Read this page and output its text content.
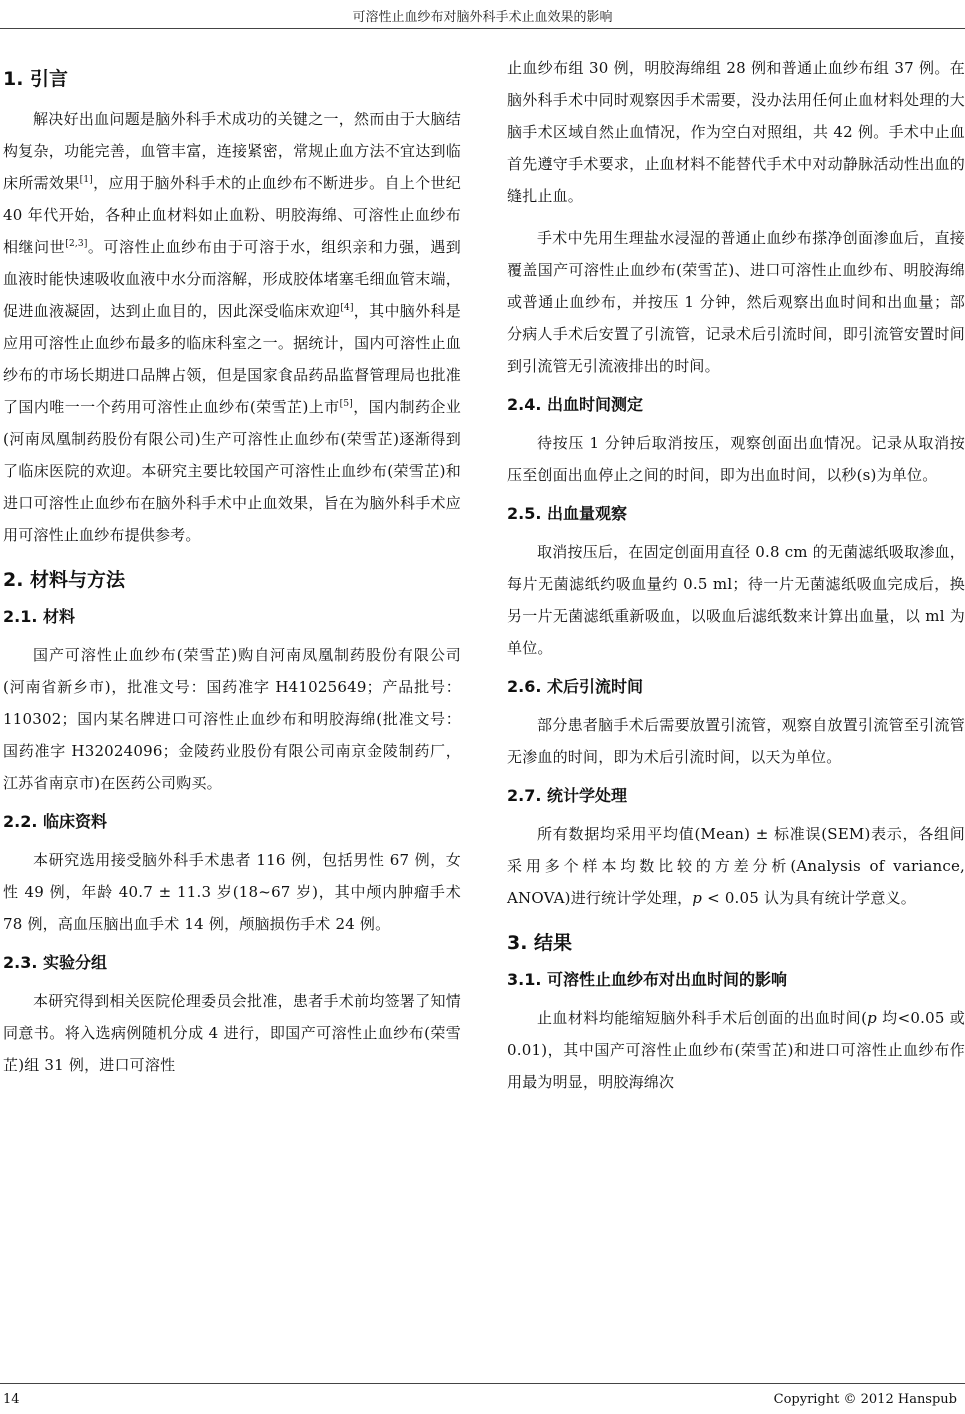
可溶性止血纱布对脑外科手术止血效果的影响
1. 引言

解决好出血问题是脑外科手术成功的关键之一，然而由于大脑结构复杂，功能完善，血管丰富，连接紧密，常规止血方法不宜达到临床所需效果[1]，应用于脑外科手术的止血纱布不断进步。自上个世纪 40 年代开始，各种止血材料如止血粉、明胶海绵、可溶性止血纱布相继问世[2,3]。可溶性止血纱布由于可溶于水，组织亲和力强，遇到血液时能快速吸收血液中水分而溶解，形成胶体堵塞毛细血管末端，促进血液凝固，达到止血目的，因此深受临床欢迎[4]，其中脑外科是应用可溶性止血纱布最多的临床科室之一。据统计，国内可溶性止血纱布的市场长期进口品牌占领，但是国家食品药品监督管理局也批准了国内唯一一个药用可溶性止血纱布(荣雪芷)上市[5]，国内制药企业(河南凤凰制药股份有限公司)生产可溶性止血纱布(荣雪芷)逐渐得到了临床医院的欢迎。本研究主要比较国产可溶性止血纱布(荣雪芷)和进口可溶性止血纱布在脑外科手术中止血效果，旨在为脑外科手术应用可溶性止血纱布提供参考。

2. 材料与方法
2.1. 材料

国产可溶性止血纱布(荣雪芷)购自河南凤凰制药股份有限公司(河南省新乡市)，批准文号：国药准字 H41025649；产品批号：110302；国内某名牌进口可溶性止血纱布和明胶海绵(批准文号：国药准字 H32024096；金陵药业股份有限公司南京金陵制药厂，江苏省南京市)在医药公司购买。

2.2. 临床资料

本研究选用接受脑外科手术患者 116 例，包括男性 67 例，女性 49 例，年龄 40.7 ± 11.3 岁(18~67 岁)，其中颅内肿瘤手术 78 例，高血压脑出血手术 14 例，颅脑损伤手术 24 例。

2.3. 实验分组

本研究得到相关医院伦理委员会批准，患者手术前均签署了知情同意书。将入选病例随机分成 4 进行，即国产可溶性止血纱布(荣雪芷)组 31 例，进口可溶性

止血纱布组 30 例，明胶海绵组 28 例和普通止血纱布组 37 例。在脑外科手术中同时观察因手术需要，没办法用任何止血材料处理的大脑手术区域自然止血情况，作为空白对照组，共 42 例。手术中止血首先遵守手术要求，止血材料不能替代手术中对动静脉活动性出血的缝扎止血。

手术中先用生理盐水浸湿的普通止血纱布搽净创面渗血后，直接覆盖国产可溶性止血纱布(荣雪芷)、进口可溶性止血纱布、明胶海绵或普通止血纱布，并按压 1 分钟，然后观察出血时间和出血量；部分病人手术后安置了引流管，记录术后引流时间，即引流管安置时间到引流管无引流液排出的时间。

2.4. 出血时间测定

待按压 1 分钟后取消按压，观察创面出血情况。记录从取消按压至创面出血停止之间的时间，即为出血时间，以秒(s)为单位。

2.5. 出血量观察

取消按压后，在固定创面用直径 0.8 cm 的无菌滤纸吸取渗血，每片无菌滤纸约吸血量约 0.5 ml；待一片无菌滤纸吸血完成后，换另一片无菌滤纸重新吸血，以吸血后滤纸数来计算出血量，以 ml 为单位。

2.6. 术后引流时间

部分患者脑手术后需要放置引流管，观察自放置引流管至引流管无渗血的时间，即为术后引流时间，以天为单位。

2.7. 统计学处理

所有数据均采用平均值(Mean) ± 标准误(SEM)表示，各组间采用多个样本均数比较的方差分析(Analysis of variance, ANOVA)进行统计学处理，p < 0.05 认为具有统计学意义。

3. 结果
3.1. 可溶性止血纱布对出血时间的影响

止血材料均能缩短脑外科手术后创面的出血时间(p 均<0.05 或 0.01)，其中国产可溶性止血纱布(荣雪芷)和进口可溶性止血纱布作用最为明显，明胶海绵次

14	Copyright © 2012 Hanspub
